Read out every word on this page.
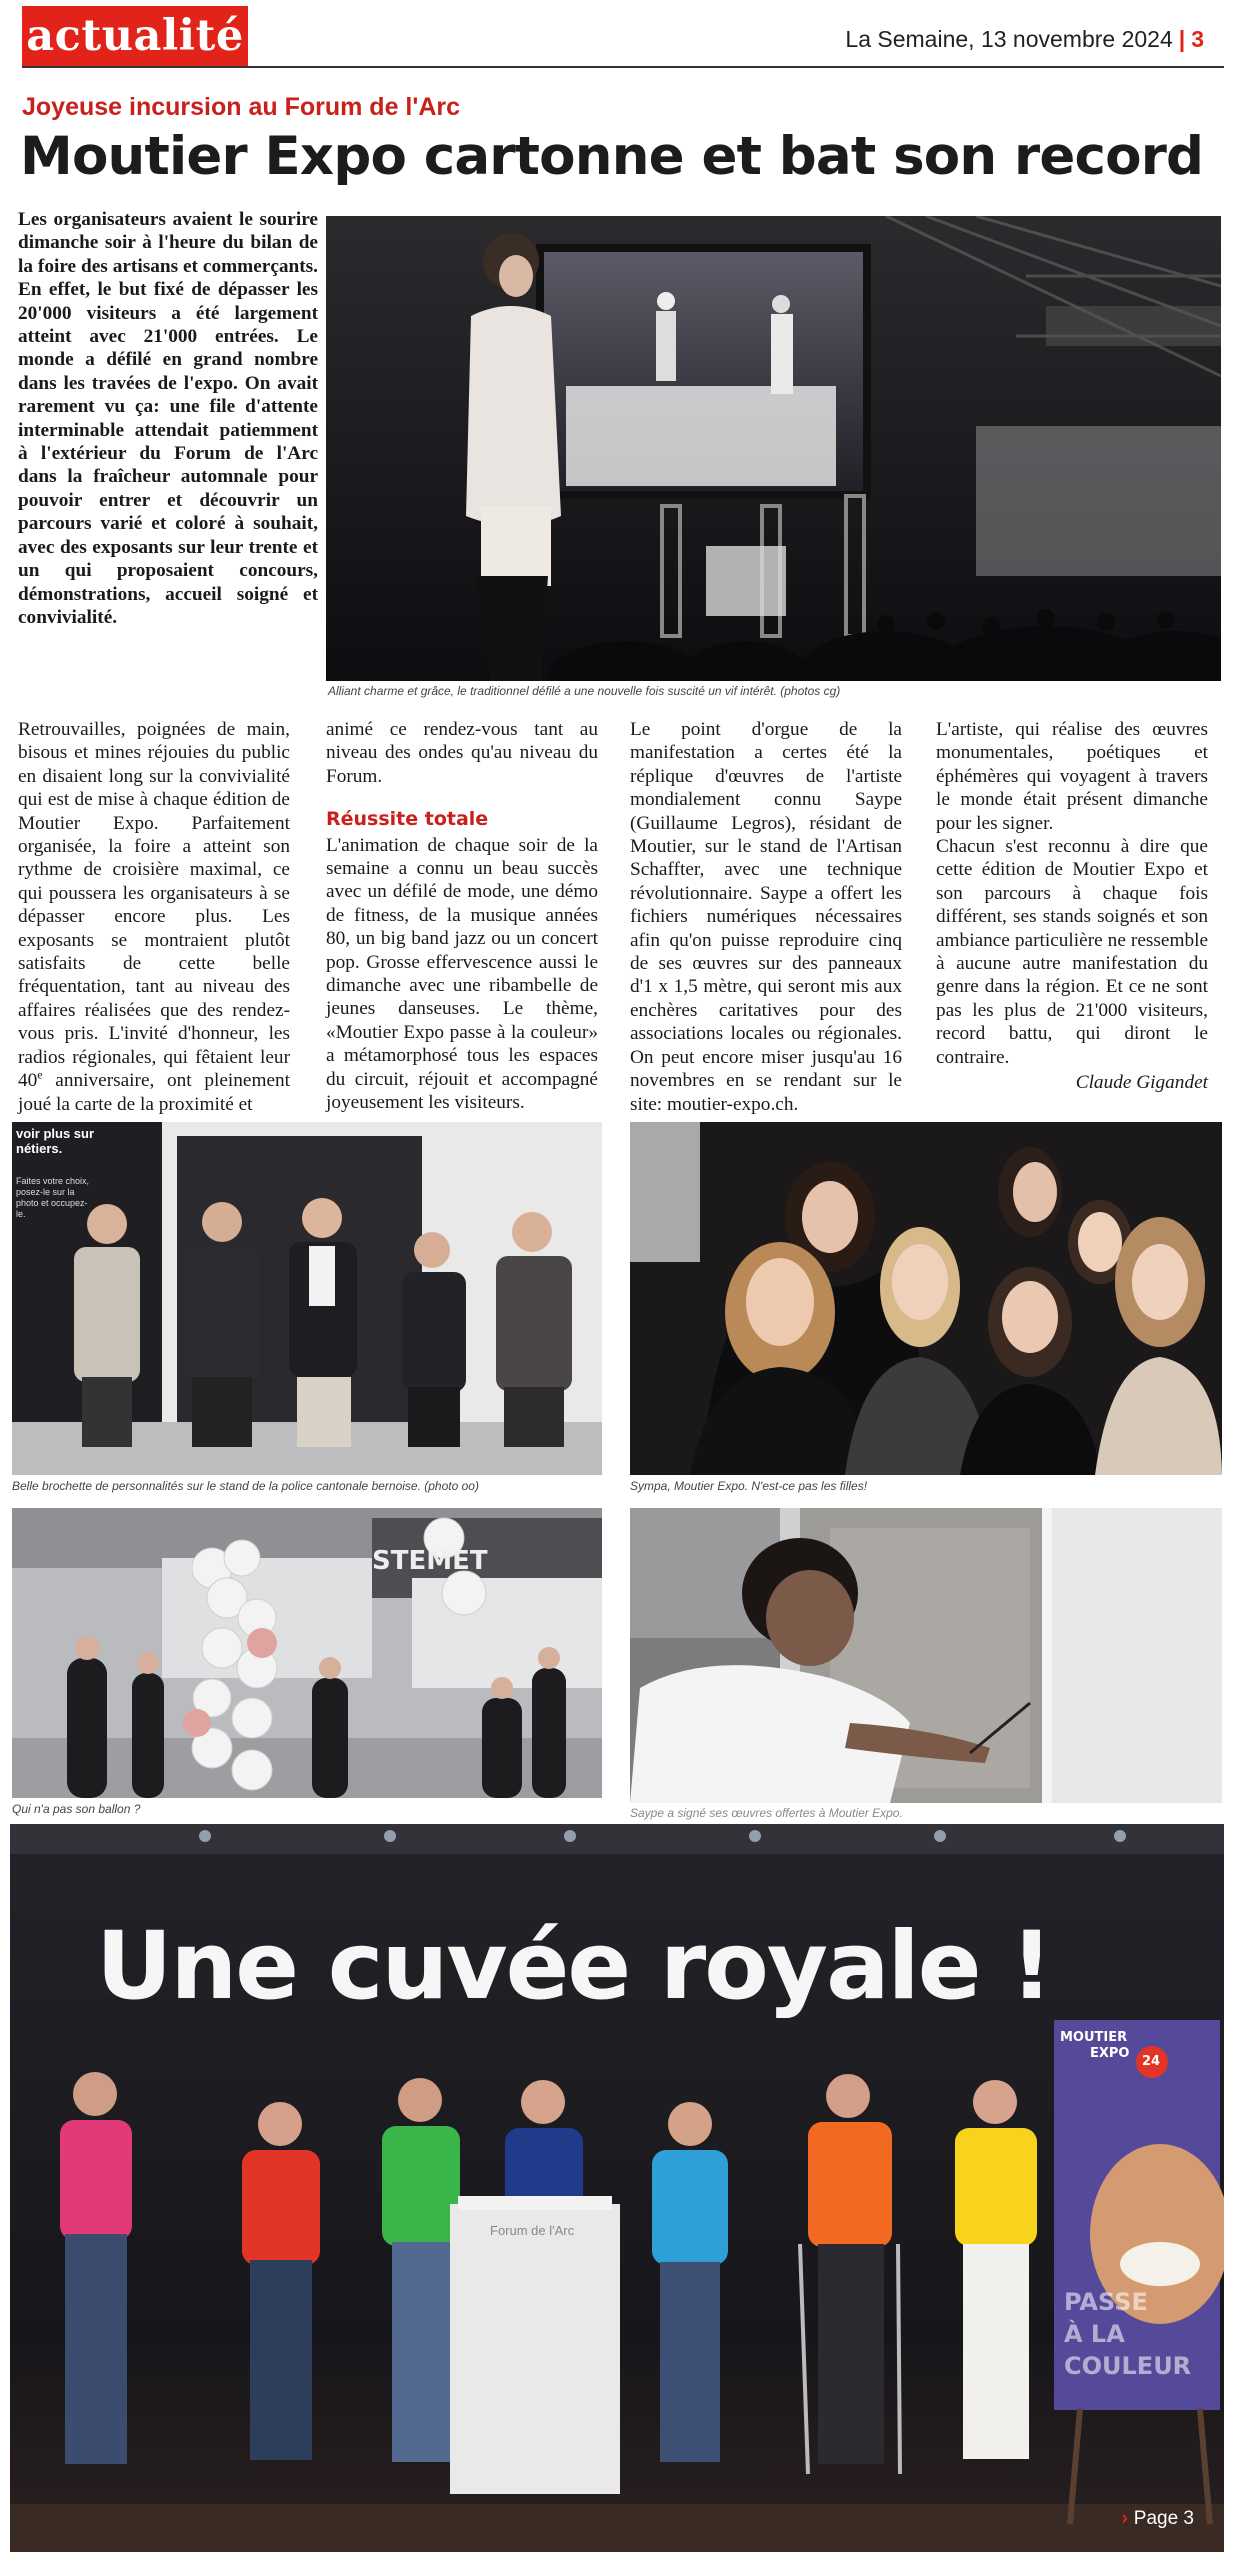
actualité	La Semaine, 13 novembre 2024 | 3
Joyeuse incursion au Forum de l'Arc
Moutier Expo cartonne et bat son record
Les organisateurs avaient le sourire dimanche soir à l'heure du bilan de la foire des artisans et commerçants. En effet, le but fixé de dépasser les 20'000 visiteurs a été largement atteint avec 21'000 entrées. Le monde a défilé en grand nombre dans les travées de l'expo. On avait rarement vu ça: une file d'attente interminable attendait patiemment à l'extérieur du Forum de l'Arc dans la fraîcheur automnale pour pouvoir entrer et découvrir un parcours varié et coloré à souhait, avec des exposants sur leur trente et un qui proposaient concours, démonstrations, accueil soigné et convivialité.
Alliant charme et grâce, le traditionnel défilé a une nouvelle fois suscité un vif intérêt. (photos cg)

Retrouvailles, poignées de main, bisous et mines réjouies du public en disaient long sur la convivialité qui est de mise à chaque édition de Moutier Expo. Parfaitement organisée, la foire a atteint son rythme de croisière maximal, ce qui poussera les organisateurs à se dépasser encore plus. Les exposants se montraient plutôt satisfaits de cette belle fréquentation, tant au niveau des affaires réalisées que des rendez-vous pris. L'invité d'honneur, les radios régionales, qui fêtaient leur 40e anniversaire, ont pleinement joué la carte de la proximité et

animé ce rendez-vous tant au niveau des ondes qu'au niveau du Forum.

Réussite totale

L'animation de chaque soir de la semaine a connu un beau succès avec un défilé de mode, une démo de fitness, de la musique années 80, un big band jazz ou un concert pop. Grosse effervescence aussi le dimanche avec une ribambelle de jeunes danseuses. Le thème, «Moutier Expo passe à la couleur» a métamorphosé tous les espaces du circuit, réjouit et accompagné joyeusement les visiteurs.

Le point d'orgue de la manifestation a certes été la réplique d'œuvres de l'artiste mondialement connu Saype (Guillaume Legros), résidant de Moutier, sur le stand de l'Artisan Schaffter, avec une technique révolutionnaire. Saype a offert les fichiers numériques nécessaires afin qu'on puisse reproduire cinq de ses œuvres sur des panneaux d'1 x 1,5 mètre, qui seront mis aux enchères caritatives pour des associations locales ou régionales. On peut encore miser jusqu'au 16 novembres en se rendant sur le site: moutier-expo.ch.

L'artiste, qui réalise des œuvres monumentales, poétiques et éphémères qui voyagent à travers le monde était présent dimanche pour les signer.

Chacun s'est reconnu à dire que cette édition de Moutier Expo et son parcours à chaque fois différent, ses stands soignés et son ambiance particulière ne ressemble à aucune autre manifestation du genre dans la région. Et ce ne sont pas les plus de 21'000 visiteurs, record battu, qui diront le contraire.

Claude Gigandet
voir plus sur
nétiers.
Faites votre choix, posez-le sur la photo et occupez-le.
Belle brochette de personnalités sur le stand de la police cantonale bernoise. (photo oo)	Sympa, Moutier Expo. N'est-ce pas les filles!
STEMET
Qui n'a pas son ballon ?	Saype a signé ses œuvres offertes à Moutier Expo.
Forum de l'Arc
MOUTIER
EXPO
24
PASSE
À LA
COULEUR
› Page 3
Une cuvée royale !
